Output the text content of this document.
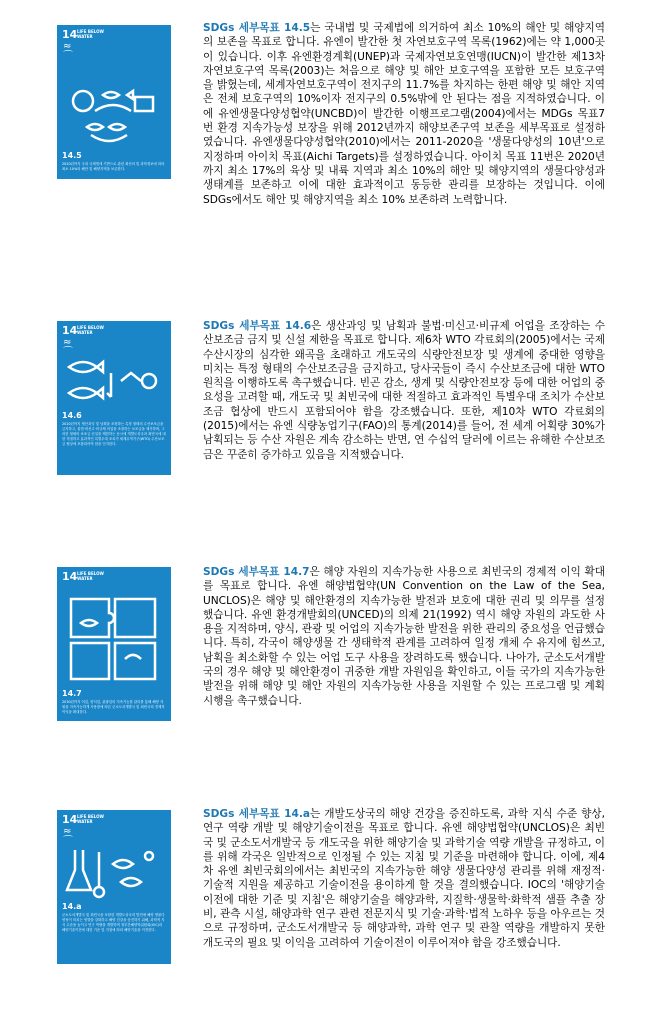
14 LIFE BELOW WATER
≈
⌒
14.5
2020년까지 국내 국제법에 기반으로 관련 최선의 및 과학정보에 따라 최소 10%의 해안 및 해양지역을 보존한다.
SDGs 세부목표 14.5는 국내법 및 국제법에 의거하여 최소 10%의 해안 및 해양지역의 보존을 목표로 합니다. 유엔이 발간한 첫 자연보호구역 목록(1962)에는 약 1,000곳이 있습니다. 이후 유엔환경계획(UNEP)과 국제자연보호연맹(IUCN)이 발간한 제13차 자연보호구역 목록(2003)는 처음으로 해양 및 해안 보호구역을 포함한 모든 보호구역을 밝혔는데, 세계자연보호구역이 전지구의 11.7%를 차지하는 한편 해양 및 해안 지역은 전체 보호구역의 10%이자 전지구의 0.5%밖에 안 된다는 점을 지적하였습니다. 이에 유엔생물다양성협약(UNCBD)이 발간한 이행프로그램(2004)에서는 MDGs 목표7번 환경 지속가능성 보장을 위해 2012년까지 해양보존구역 보존을 세부목표로 설정하였습니다. 유엔생물다양성협약(2010)에서는 2011-2020을 '생물다양성의 10년'으로 지정하며 아이치 목표(Aichi Targets)를 설정하였습니다. 아이치 목표 11번은 2020년까지 최소 17%의 육상 및 내륙 지역과 최소 10%의 해안 및 해양지역의 생물다양성과 생태계를 보존하고 이에 대한 효과적이고 동등한 관리를 보장하는 것입니다. 이에 SDGs에서도 해안 및 해양지역을 최소 10% 보존하려 노력합니다.
14 LIFE BELOW WATER
≈
⌒
14.6
2020년까지 생산과잉 및 남획을 조장하는 특정 형태의 수산보조금을 금지하고, 불법·비신고·비규제 어업을 조장하는 보조금을 제거하며, 그러한 형태의 보조금 신설을 제한하는 동시에 개발도상국과 최빈국에 대한 적절하고 효과적인 특별우대 조치가 세계무역기구(WTO) 수산보조금 협상에 포함되어야 함을 인지한다.
SDGs 세부목표 14.6은 생산과잉 및 남획과 불법·미신고·비규제 어업을 조장하는 수산보조금 금지 및 신설 제한을 목표로 합니다. 제6차 WTO 각료회의(2005)에서는 국제 수산시장의 심각한 왜곡을 초래하고 개도국의 식량안전보장 및 생계에 중대한 영향을 미치는 특정 형태의 수산보조금을 금지하고, 당사국들이 즉시 수산보조금에 대한 WTO 원칙을 이행하도록 촉구했습니다. 빈곤 감소, 생계 및 식량안전보장 등에 대한 어업의 중요성을 고려할 때, 개도국 및 최빈국에 대한 적절하고 효과적인 특별우대 조치가 수산보조금 협상에 반드시 포함되어야 함을 강조했습니다. 또한, 제10차 WTO 각료회의(2015)에서는 유엔 식량농업기구(FAO)의 통계(2014)를 들어, 전 세계 어획량 30%가 남획되는 등 수산 자원은 계속 감소하는 반면, 연 수십억 달러에 이르는 유해한 수산보조금은 꾸준히 증가하고 있음을 지적했습니다.
14 LIFE BELOW WATER
14.7
2030년까지 어업, 양식업, 관광업의 지속가능한 관리를 통해 해양 자원을 지속가능하게 사용함에 따른 군소도서개발국 및 최빈국의 경제적 이익을 확대한다.
SDGs 세부목표 14.7은 해양 자원의 지속가능한 사용으로 최빈국의 경제적 이익 확대를 목표로 합니다. 유엔 해양법협약(UN Convention on the Law of the Sea, UNCLOS)은 해양 및 해안환경의 지속가능한 발전과 보호에 대한 권리 및 의무를 설정했습니다. 유엔 환경개발회의(UNCED)의 의제 21(1992) 역시 해양 자원의 과도한 사용을 지적하며, 양식, 관광 및 어업의 지속가능한 발전을 위한 관리의 중요성을 언급했습니다. 특히, 각국이 해양생물 간 생태학적 관계를 고려하여 일정 개체 수 유지에 힘쓰고, 남획을 최소화할 수 있는 어업 도구 사용을 장려하도록 했습니다. 나아가, 군소도서개발국의 경우 해양 및 해안환경이 귀중한 개발 자원임을 확인하고, 이들 국가의 지속가능한 발전을 위해 해양 및 해안 자원의 지속가능한 사용을 지원할 수 있는 프로그램 및 계획 시행을 촉구했습니다.
14 LIFE BELOW WATER
≈
⌒
14.a
군소도서개발국 및 최빈국을 포함한 개발도상국의 발전에 해양 생물다양성이 미치는 영향을 강화하고 해양 건강을 증진하기 위해, 과학적 지식 수준을 높이고 연구 역량을 개발하며 정부간해양학위원회(IOC)의 해양기술이전에 대한 기준 및 지침에 따라 해양기술을 이전한다.
SDGs 세부목표 14.a는 개발도상국의 해양 건강을 증진하도록, 과학 지식 수준 향상, 연구 역량 개발 및 해양기술이전을 목표로 합니다. 유엔 해양법협약(UNCLOS)은 최빈국 및 군소도서개발국 등 개도국을 위한 해양기술 및 과학기술 역량 개발을 규정하고, 이를 위해 각국은 일반적으로 인정될 수 있는 지침 및 기준을 마련해야 합니다. 이에, 제4차 유엔 최빈국회의에서는 최빈국의 지속가능한 해양 생물다양성 관리를 위해 재정적·기술적 지원을 제공하고 기술이전을 용이하게 할 것을 결의했습니다. IOC의 '해양기술이전에 대한 기준 및 지침'은 해양기술을 해양과학, 지질학·생물학·화학적 샘플 추출 장비, 관측 시설, 해양과학 연구 관련 전문지식 및 기술·과학·법적 노하우 등을 아우르는 것으로 규정하며, 군소도서개발국 등 해양과학, 과학 연구 및 관찰 역량을 개발하지 못한 개도국의 필요 및 이익을 고려하여 기술이전이 이루어져야 함을 강조했습니다.
